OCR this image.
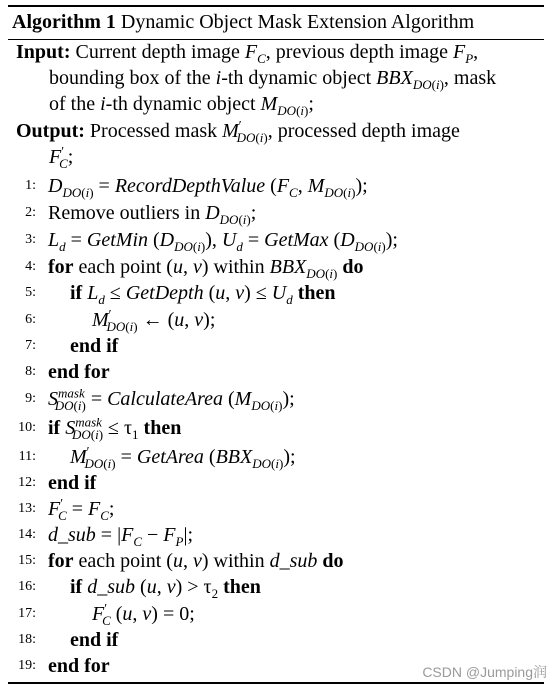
Algorithm 1 Dynamic Object Mask Extension Algorithm
Input: Current depth image $F_C$, previous depth image $F_P$,
bounding box of the i-th dynamic object $BBX_{DO(i)}$, mask
of the i-th dynamic object $M_{DO(i)}$;
Output: Processed mask $M'_{DO(i)}$, processed depth image
$F'_C$;
1: $D_{DO(i)}$ = RecordDepthValue ($F_C$, $M_{DO(i)}$);
2: Remove outliers in $D_{DO(i)}$;
3: $L_d$ = GetMin $(D_{DO(i)})$, $U_d$ = GetMax $(D_{DO(i)})$;
4: for each point (u, v) within $BBX_{DO(i)}$ do
5: if $L_d$ ≤ GetDepth (u, $v) \le U_d$ then
6:	$M'_{DO(i)}$ ← (u, v);
7: end if
8: end for
9: $S^{mask}_{DO(i)}$ = CalculateArea $(M_{DO(i)})$;
10: if $S^{mask}_{DO(i)} \le \tau_1$ then
11: $M'_{DO(i)}$ = GetArea $(BBX_{DO(i)})$;
12: end if
13: $F'_C = F_C$;
14: d_sub = $|F_C - F_P|$;
15: for each point (u, v) within d_sub do
16: if d_sub (u, $v) > \tau_2$ then
17:	$F'_C$ (u, v) = 0;
18: end if
19: end for	CSDN @Jumping润
